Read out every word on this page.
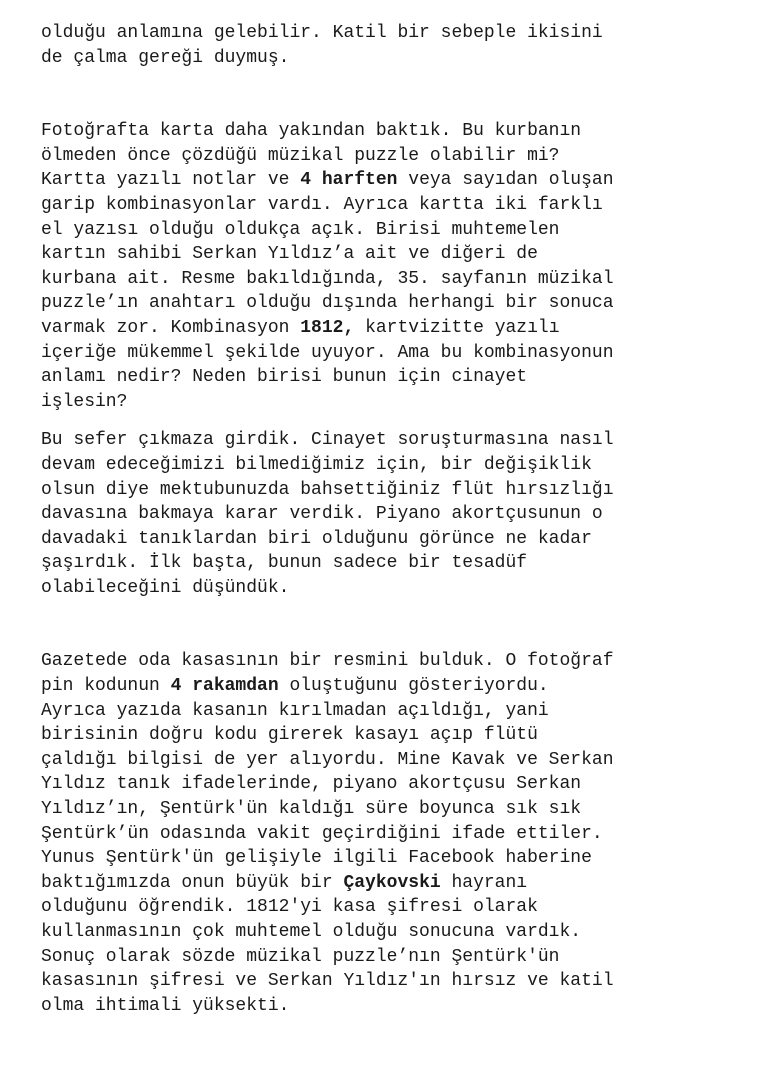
olduğu anlamına gelebilir. Katil bir sebeple ikisini
de çalma gereği duymuş.
Fotoğrafta karta daha yakından baktık. Bu kurbanın
ölmeden önce çözdüğü müzikal puzzle olabilir mi?
Kartta yazılı notlar ve 4 harften veya sayıdan oluşan
garip kombinasyonlar vardı. Ayrıca kartta iki farklı
el yazısı olduğu oldukça açık. Birisi muhtemelen
kartın sahibi Serkan Yıldız’a ait ve diğeri de
kurbana ait. Resme bakıldığında, 35. sayfanın müzikal
puzzle’ın anahtarı olduğu dışında herhangi bir sonuca
varmak zor. Kombinasyon 1812, kartvizitte yazılı
içeriğe mükemmel şekilde uyuyor. Ama bu kombinasyonun
anlamı nedir? Neden birisi bunun için cinayet
işlesin?
Bu sefer çıkmaza girdik. Cinayet soruşturmasına nasıl
devam edeceğimizi bilmediğimiz için, bir değişiklik
olsun diye mektubunuzda bahsettiğiniz flüt hırsızlığı
davasına bakmaya karar verdik. Piyano akortçusunun o
davadaki tanıklardan biri olduğunu görünce ne kadar
şaşırdık. İlk başta, bunun sadece bir tesadüf
olabileceğini düşündük.
Gazetede oda kasasının bir resmini bulduk. O fotoğraf
pin kodunun 4 rakamdan oluştuğunu gösteriyordu.
Ayrıca yazıda kasanın kırılmadan açıldığı, yani
birisinin doğru kodu girerek kasayı açıp flütü
çaldığı bilgisi de yer alıyordu. Mine Kavak ve Serkan
Yıldız tanık ifadelerinde, piyano akortçusu Serkan
Yıldız’ın, Şentürk'ün kaldığı süre boyunca sık sık
Şentürk’ün odasında vakit geçirdiğini ifade ettiler.
Yunus Şentürk'ün gelişiyle ilgili Facebook haberine
baktığımızda onun büyük bir Çaykovski hayranı
olduğunu öğrendik. 1812'yi kasa şifresi olarak
kullanmasının çok muhtemel olduğu sonucuna vardık.
Sonuç olarak sözde müzikal puzzle’nın Şentürk'ün
kasasının şifresi ve Serkan Yıldız'ın hırsız ve katil
olma ihtimali yüksekti.
